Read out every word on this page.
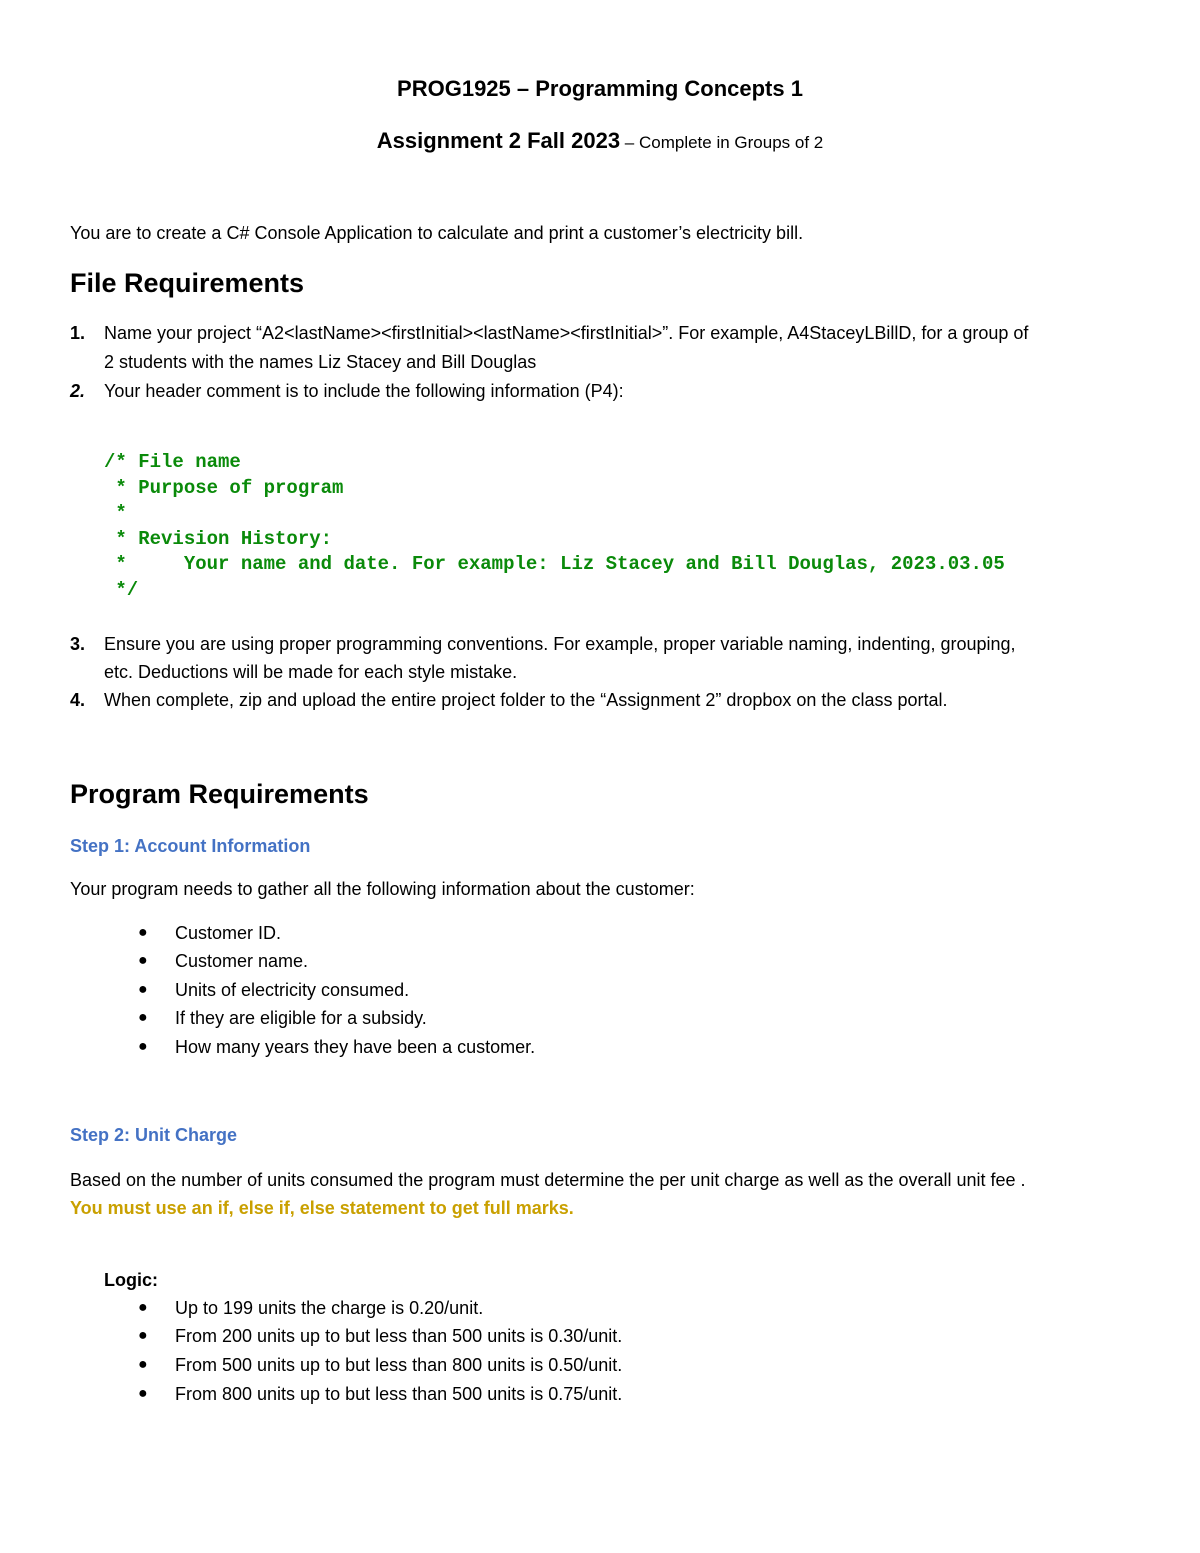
PROG1925 – Programming Concepts 1
Assignment 2 Fall 2023 – Complete in Groups of 2
You are to create a C# Console Application to calculate and print a customer’s electricity bill.
File Requirements
1.	Name your project “A2<lastName><firstInitial><lastName><firstInitial>”. For example, A4StaceyLBillD, for a group of
2 students with the names Liz Stacey and Bill Douglas
2.	Your header comment is to include the following information (P4):
/* File name
* Purpose of program
*
* Revision History:
*     Your name and date. For example: Liz Stacey and Bill Douglas, 2023.03.05
*/
3.	Ensure you are using proper programming conventions. For example, proper variable naming, indenting, grouping,
etc. Deductions will be made for each style mistake.
4.	When complete, zip and upload the entire project folder to the “Assignment 2” dropbox on the class portal.
Program Requirements
Step 1: Account Information
Your program needs to gather all the following information about the customer:
● Customer ID.
● Customer name.
● Units of electricity consumed.
● If they are eligible for a subsidy.
● How many years they have been a customer.
Step 2: Unit Charge
Based on the number of units consumed the program must determine the per unit charge as well as the overall unit fee .
You must use an if, else if, else statement to get full marks.
Logic:
● Up to 199 units the charge is 0.20/unit.
● From 200 units up to but less than 500 units is 0.30/unit.
● From 500 units up to but less than 800 units is 0.50/unit.
● From 800 units up to but less than 500 units is 0.75/unit.
